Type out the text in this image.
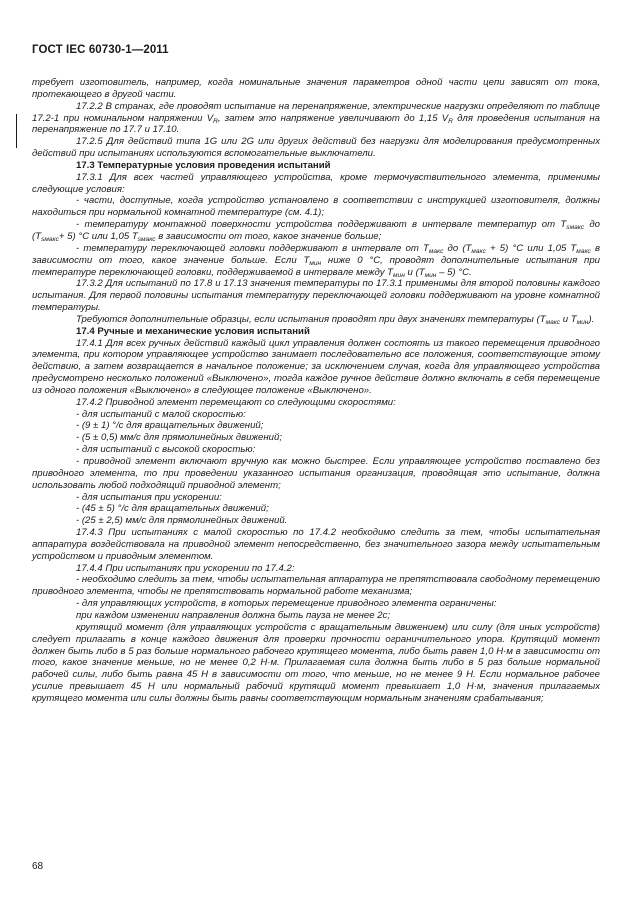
ГОСТ IEC 60730-1—2011

требует изготовитель, например, когда номинальные значения параметров одной части цепи зависят от тока, протекающего в другой части.

17.2.2 В странах, где проводят испытание на перенапряжение, электрические нагрузки определяют по таблице 17.2-1 при номинальном напряжении $V_R$, затем это напряжение увеличивают до 1,15 $V_R$ для проведения испытания на перенапряжение по 17.7 и 17.10.

17.2.5 Для действий типа 1G или 2G или других действий без нагрузки для моделирования предусмотренных действий при испытаниях используются вспомогательные выключатели.

17.3 Температурные условия проведения испытаний

17.3.1 Для всех частей управляющего устройства, кроме термочувствительного элемента, применимы следующие условия:

- части, доступные, когда устройство установлено в соответствии с инструкцией изготовителя, должны находиться при нормальной комнатной температуре (см. 4.1);

- температуру монтажной поверхности устройства поддерживают в интервале температур от $T_{ѕмакс}$ до $(T_{ѕмакс}+ 5)$ °С или 1,05 $T_{ѕмакс}$ в зависимости от того, какое значение больше;

- температуру переключающей головки поддерживают в интервале от $T_{макс}$ до $(T_{макс} + 5)$ °С или 1,05 $T_{макс}$ в зависимости от того, какое значение больше. Если $T_{мин}$ ниже 0 °С, проводят дополнительные испытания при температуре переключающей головки, поддерживаемой в интервале между $T_{мин}$ и $(T_{мин} - 5)$ °С.

17.3.2 Для испытаний по 17.8 и 17.13 значения температуры по 17.3.1 применимы для второй половины каждого испытания. Для первой половины испытания температуру переключающей головки поддерживают на уровне комнатной температуры.

Требуются дополнительные образцы, если испытания проводят при двух значениях температуры ($T_{макс}$ и $T_{мин}$).

17.4 Ручные и механические условия испытаний

17.4.1 Для всех ручных действий каждый цикл управления должен состоять из такого перемещения приводного элемента, при котором управляющее устройство занимает последовательно все положения, соответствующие этому действию, а затем возвращается в начальное положение; за исключением случая, когда для управляющего устройства предусмотрено несколько положений «Выключено», тогда каждое ручное действие должно включать в себя перемещение из одного положения «Выключено» в следующее положение «Выключено».

17.4.2 Приводной элемент перемещают со следующими скоростями:

- для испытаний с малой скоростью:

- (9 ± 1) °/с для вращательных движений;

- (5 ± 0,5) мм/с для прямолинейных движений;

- для испытаний с высокой скоростью:

- приводной элемент включают вручную как можно быстрее. Если управляющее устройство поставлено без приводного элемента, то при проведении указанного испытания организация, проводящая это испытание, должна использовать любой подходящий приводной элемент;

- для испытания при ускорении:

- (45 ± 5) °/с для вращательных движений;

- (25 ± 2,5) мм/с для прямолинейных движений.

17.4.3 При испытаниях с малой скоростью по 17.4.2 необходимо следить за тем, чтобы испытательная аппаратура воздействовала на приводной элемент непосредственно, без значительного зазора между испытательным устройством и приводным элементом.

17.4.4 При испытаниях при ускорении по 17.4.2:

- необходимо следить за тем, чтобы испытательная аппаратура не препятствовала свободному перемещению приводного элемента, чтобы не препятствовать нормальной работе механизма;

- для управляющих устройств, в которых перемещение приводного элемента ограничены:

при каждом изменении направления должна быть пауза не менее 2с;

крутящий момент (для управляющих устройств с вращательным движением) или силу (для иных устройств) следует прилагать в конце каждого движения для проверки прочности ограничительного упора. Крутящий момент должен быть либо в 5 раз больше нормального рабочего крутящего момента, либо быть равен 1,0 Н·м в зависимости от того, какое значение меньше, но не менее 0,2 Н·м. Прилагаемая сила должна быть либо в 5 раз больше нормальной рабочей силы, либо быть равна 45 Н в зависимости от того, что меньше, но не менее 9 Н. Если нормальное рабочее усилие превышает 45 Н или нормальный рабочий крутящий момент превышает 1,0 Н·м, значения прилагаемых крутящего момента или силы должны быть равны соответствующим нормальным значениям срабатывания;

68
